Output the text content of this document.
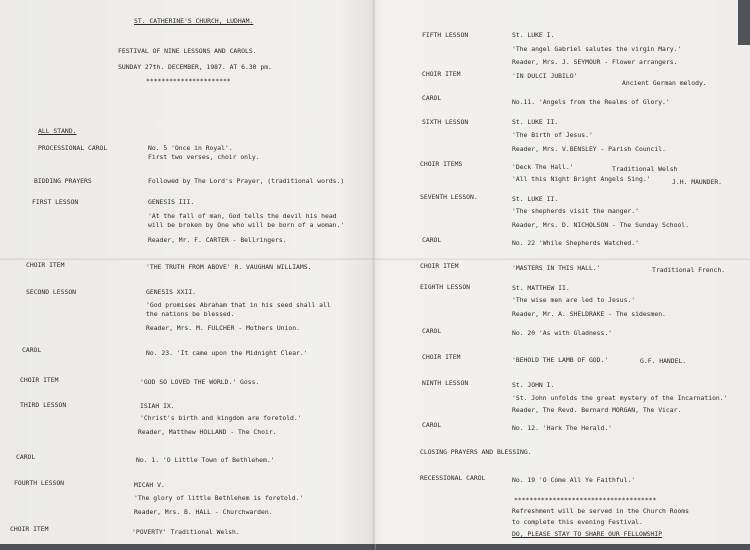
ST. CATHERINE'S CHURCH, LUDHAM.
FESTIVAL OF NINE LESSONS AND CAROLS.
SUNDAY 27th. DECEMBER, 1987. AT 6.30 pm.
**********************
ALL STAND.
PROCESSIONAL CAROL	No. 5 'Once in Royal'.
First two verses, choir only.
BIDDING PRAYERS	Followed by The Lord's Prayer, (traditional words.)
FIRST LESSON	GENESIS III.
'At the fall of man, God tells the devil his head
will be broken by One who will be born of a woman.'
Reader, Mr. F. CARTER - Bellringers.
CHOIR ITEM	'THE TRUTH FROM ABOVE' R. VAUGHAN WILLIAMS.
SECOND LESSON	GENESIS XXII.
'God promises Abraham that in his seed shall all
the nations be blessed.
Reader, Mrs. M. FULCHER - Mothers Union.
CAROL	No. 23. 'It came upon the Midnight Clear.'
CHOIR ITEM	'GOD SO LOVED THE WORLD.' Goss.
THIRD LESSON	ISIAH IX.
'Christ's birth and kingdom are foretold.'
Reader, Matthew HOLLAND - The Choir.
CAROL	No. 1. 'O Little Town of Bethlehem.'
FOURTH LESSON	MICAH V.
'The glory of little Bethlehem is foretold.'
Reader, Mrs. B. HALL - Churchwarden.
CHOIR ITEM	'POVERTY' Traditional Welsh.
FIFTH LESSON	St. LUKE I.
'The angel Gabriel salutes the virgin Mary.'
Reader, Mrs. J. SEYMOUR - Flower arrangers.
CHOIR ITEM	'IN DULCI JUBILO'
Ancient German melody.
CAROL	No.11. 'Angels from the Realms of Glory.'
SIXTH LESSON	St. LUKE II.
'The Birth of Jesus.'
Reader, Mrs. V.BENSLEY - Parish Council.
CHOIR ITEMS	'Deck The Hall.'	Traditional Welsh
'All this Night Bright Angels Sing.'	J.H. MAUNDER.
SEVENTH LESSON.	St. LUKE II.
'The shepherds visit the manger.'
Reader, Mrs. D. NICHOLSON - The Sunday School.
CAROL	No. 22 'While Shepherds Watched.'
CHOIR ITEM	'MASTERS IN THIS HALL.'	Traditional French.
EIGHTH LESSON	St. MATTHEW II.
'The wise men are led to Jesus.'
Reader, Mr. A. SHELDRAKE - The sidesmen.
CAROL	No. 20 'As with Gladness.'
CHOIR ITEM	'BEHOLD THE LAMB OF GOD.'	G.F. HANDEL.
NINTH LESSON	St. JOHN I.
'St. John unfolds the great mystery of the Incarnation.'
Reader, The Revd. Bernard MORGAN, The Vicar.
CAROL	No. 12. 'Hark The Herald.'
CLOSING PRAYERS AND BLESSING.
RECESSIONAL CAROL	No. 19 'O Come All Ye Faithful.'
*************************************
Refreshment will be served in the Church Rooms
to complete this evening Festival.
DO, PLEASE STAY TO SHARE OUR FELLOWSHIP
